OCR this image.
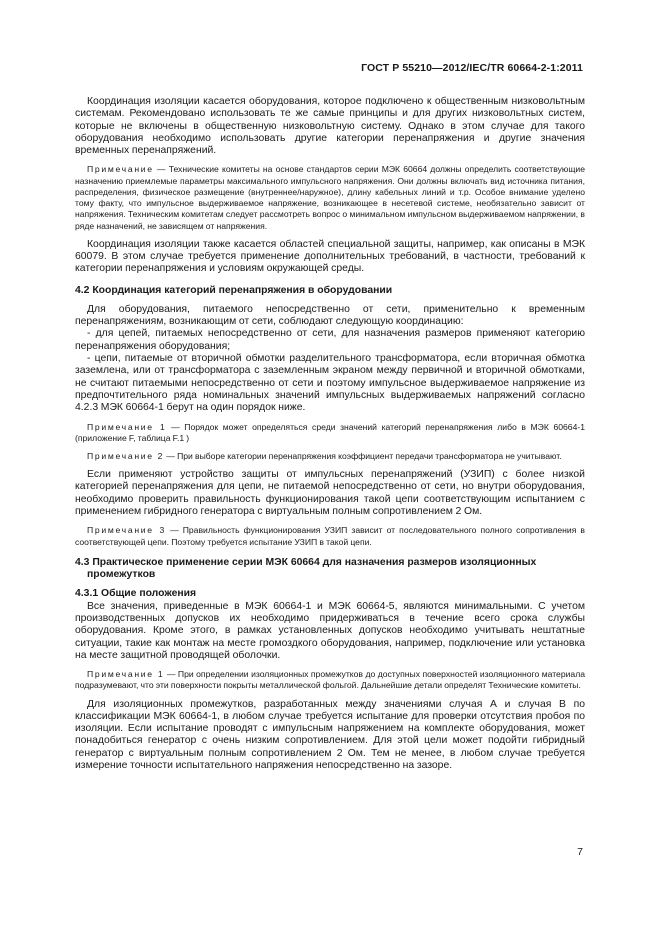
ГОСТ Р 55210—2012/IEC/TR 60664-2-1:2011

Координация изоляции касается оборудования, которое подключено к общественным низковольтным системам. Рекомендовано использовать те же самые принципы и для других низковольтных систем, которые не включены в общественную низковольтную систему. Однако в этом случае для такого оборудования необходимо использовать другие категории перенапряжения и другие значения временных перенапряжений.

Примечание — Технические комитеты на основе стандартов серии МЭК 60664 должны определить соответствующие назначению приемлемые параметры максимального импульсного напряжения. Они должны включать вид источника питания, распределения, физическое размещение (внутреннее/наружное), длину кабельных линий и т.р. Особое внимание уделено тому факту, что импульсное выдерживаемое напряжение, возникающее в несетевой системе, необязательно зависит от напряжения. Техническим комитетам следует рассмотреть вопрос о минимальном импульсном выдерживаемом напряжении, в ряде назначений, не зависящем от напряжения.

Координация изоляции также касается областей специальной защиты, например, как описаны в МЭК 60079. В этом случае требуется применение дополнительных требований, в частности, требований к категории перенапряжения и условиям окружающей среды.

4.2 Координация категорий перенапряжения в оборудовании

Для оборудования, питаемого непосредственно от сети, применительно к временным перенапряжениям, возникающим от сети, соблюдают следующую координацию:

- для цепей, питаемых непосредственно от сети, для назначения размеров применяют категорию перенапряжения оборудования;

- цепи, питаемые от вторичной обмотки разделительного трансформатора, если вторичная обмотка заземлена, или от трансформатора с заземленным экраном между первичной и вторичной обмотками, не считают питаемыми непосредственно от сети и поэтому импульсное выдерживаемое напряжение из предпочтительного ряда номинальных значений импульсных выдерживаемых напряжений согласно 4.2.3 МЭК 60664-1 берут на один порядок ниже.

Примечание 1 — Порядок может определяться среди значений категорий перенапряжения либо в МЭК 60664-1 (приложение F, таблица F.1 )

Примечание 2 — При выборе категории перенапряжения коэффициент передачи трансформатора не учитывают.

Если применяют устройство защиты от импульсных перенапряжений (УЗИП) с более низкой категорией перенапряжения для цепи, не питаемой непосредственно от сети, но внутри оборудования, необходимо проверить правильность функционирования такой цепи соответствующим испытанием с применением гибридного генератора с виртуальным полным сопротивлением 2 Ом.

Примечание 3 — Правильность функционирования УЗИП зависит от последовательного полного сопротивления в соответствующей цепи. Поэтому требуется испытание УЗИП в такой цепи.

4.3 Практическое применение серии МЭК 60664 для назначения размеров изоляционных промежутков

4.3.1 Общие положения

Все значения, приведенные в МЭК 60664-1 и МЭК 60664-5, являются минимальными. С учетом производственных допусков их необходимо придерживаться в течение всего срока службы оборудования. Кроме этого, в рамках установленных допусков необходимо учитывать нештатные ситуации, такие как монтаж на месте громоздкого оборудования, например, подключение или установка на месте защитной проводящей оболочки.

Примечание 1 — При определении изоляционных промежутков до доступных поверхностей изоляционного материала подразумевают, что эти поверхности покрыты металлической фольгой. Дальнейшие детали определят Технические комитеты.

Для изоляционных промежутков, разработанных между значениями случая А и случая В по классификации МЭК 60664-1, в любом случае требуется испытание для проверки отсутствия пробоя по изоляции. Если испытание проводят с импульсным напряжением на комплекте оборудования, может понадобиться генератор с очень низким сопротивлением. Для этой цели может подойти гибридный генератор с виртуальным полным сопротивлением 2 Ом. Тем не менее, в любом случае требуется измерение точности испытательного напряжения непосредственно на зазоре.

7
